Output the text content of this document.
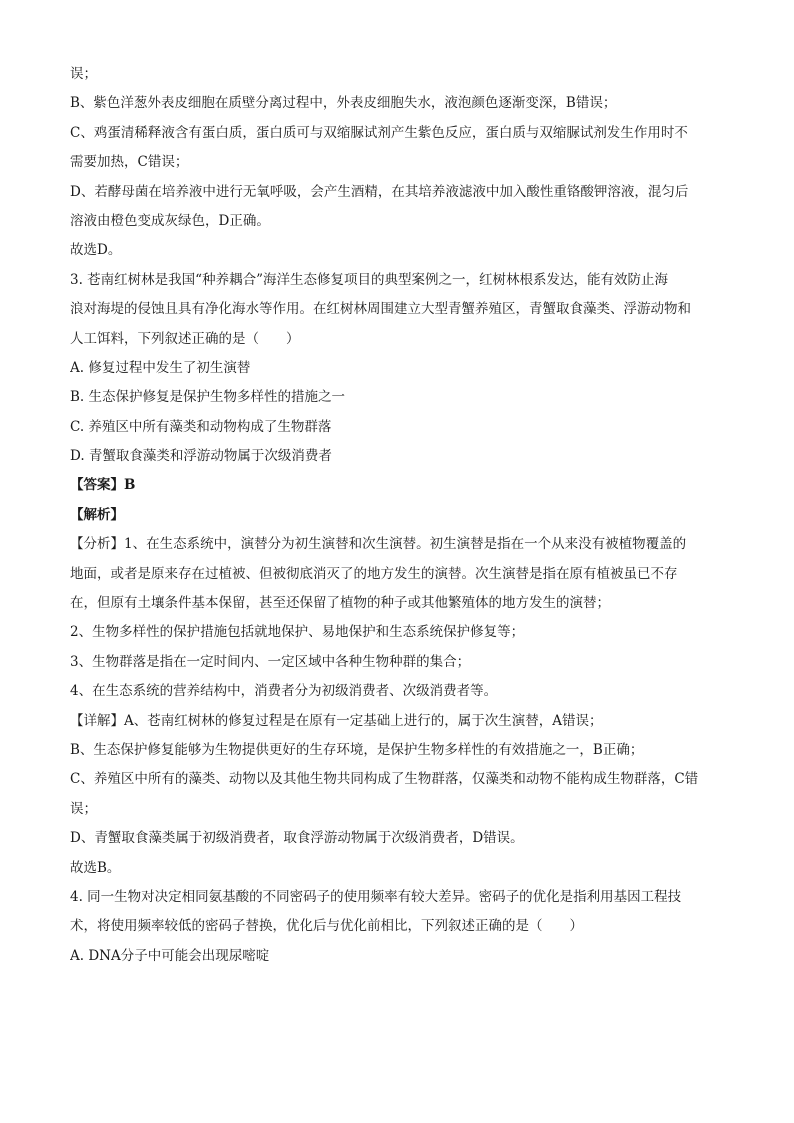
误；
B、紫色洋葱外表皮细胞在质壁分离过程中，外表皮细胞失水，液泡颜色逐渐变深，B错误；
C、鸡蛋清稀释液含有蛋白质，蛋白质可与双缩脲试剂产生紫色反应，蛋白质与双缩脲试剂发生作用时不
需要加热，C错误；
D、若酵母菌在培养液中进行无氧呼吸，会产生酒精，在其培养液滤液中加入酸性重铬酸钾溶液，混匀后
溶液由橙色变成灰绿色，D正确。
故选D。
3. 苍南红树林是我国“种养耦合”海洋生态修复项目的典型案例之一，红树林根系发达，能有效防止海
浪对海堤的侵蚀且具有净化海水等作用。在红树林周围建立大型青蟹养殖区，青蟹取食藻类、浮游动物和
人工饵料，下列叙述正确的是（　　）
A. 修复过程中发生了初生演替
B. 生态保护修复是保护生物多样性的措施之一
C. 养殖区中所有藻类和动物构成了生物群落
D. 青蟹取食藻类和浮游动物属于次级消费者
【答案】B
【解析】
【分析】1、在生态系统中，演替分为初生演替和次生演替。初生演替是指在一个从来没有被植物覆盖的
地面，或者是原来存在过植被、但被彻底消灭了的地方发生的演替。次生演替是指在原有植被虽已不存
在，但原有土壤条件基本保留，甚至还保留了植物的种子或其他繁殖体的地方发生的演替；
2、生物多样性的保护措施包括就地保护、易地保护和生态系统保护修复等；
3、生物群落是指在一定时间内、一定区域中各种生物种群的集合；
4、在生态系统的营养结构中，消费者分为初级消费者、次级消费者等。
【详解】A、苍南红树林的修复过程是在原有一定基础上进行的，属于次生演替，A错误；
B、生态保护修复能够为生物提供更好的生存环境，是保护生物多样性的有效措施之一，B正确；
C、养殖区中所有的藻类、动物以及其他生物共同构成了生物群落，仅藻类和动物不能构成生物群落，C错
误；
D、青蟹取食藻类属于初级消费者，取食浮游动物属于次级消费者，D错误。
故选B。
4. 同一生物对决定相同氨基酸的不同密码子的使用频率有较大差异。密码子的优化是指利用基因工程技
术，将使用频率较低的密码子替换，优化后与优化前相比，下列叙述正确的是（　　）
A. DNA分子中可能会出现尿嘧啶
